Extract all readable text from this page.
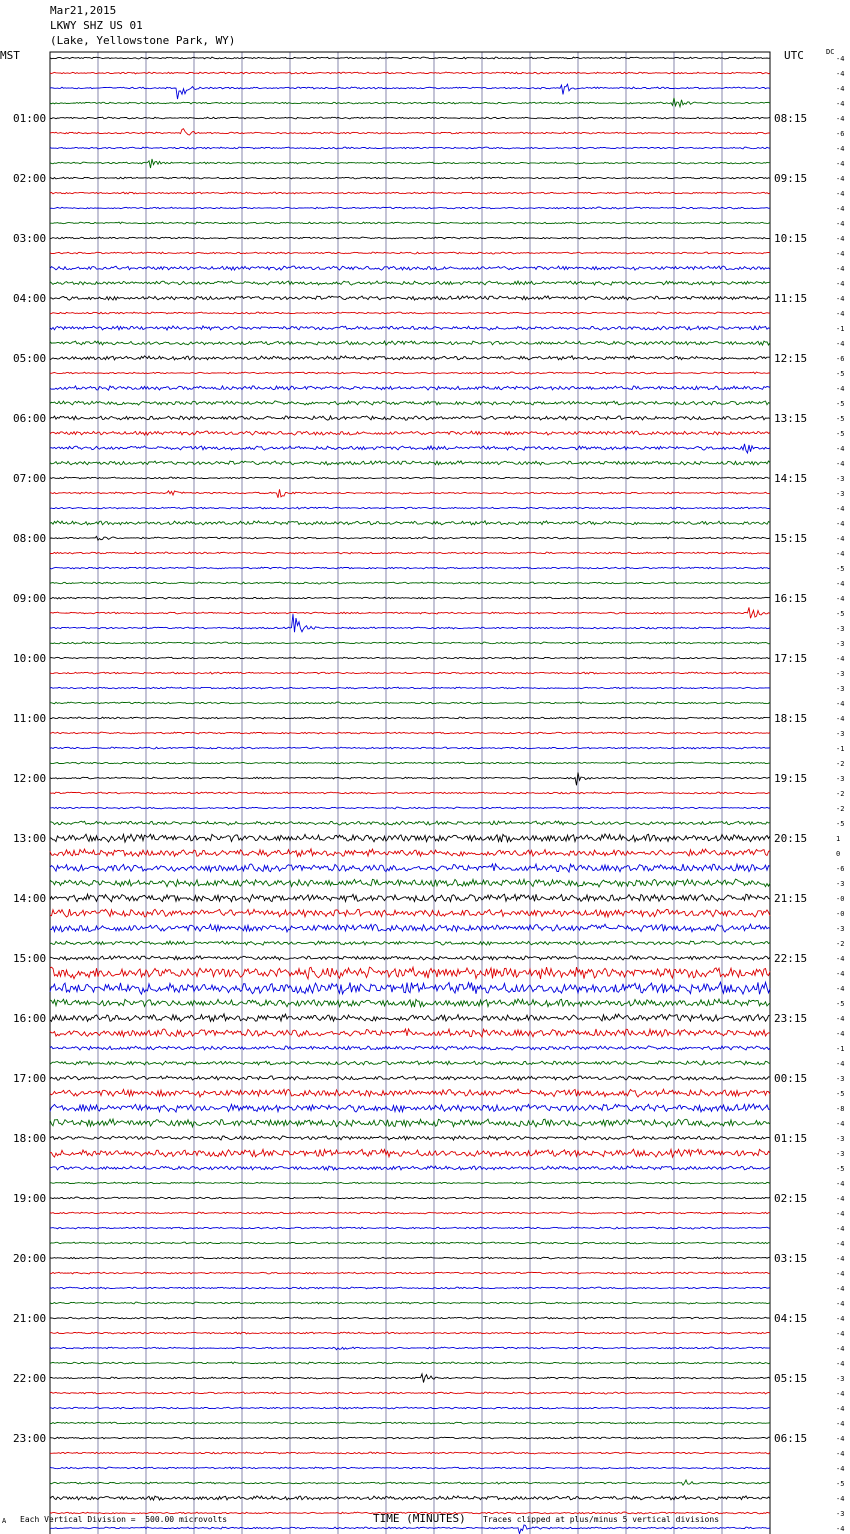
Mar21,2015
LKWY SHZ US 01
(Lake, Yellowstone Park, WY)
MST	UTC	DC
-4
-4
-4
-4
-4
-6
-4
-4
-4
-4
-4
-4
-4
-4
-4
-4
-4
-4
-1
-4
-6
-5
-4
-5
-5
-5
-4
-4
-3
-3
-4
-4
-4
-4
-5
-4
-4
-5
-3
-3
-4
-3
-3
-4
-4
-3
-1
-2
-3
-2
-2
-5
1
0
-6
-3
-0
-0
-3
-2
-4
-4
-4
-5
-4
-4
-1
-4
-3
-5
-8
-4
-3
-3
-5
-4
-4
-4
-4
-4
-4
-4
-4
-4
-4
-4
-4
-4
-3
-4
-4
-4
-4
-4
-4
-5
-4
-3
-4
01:00	08:15
02:00	09:15
03:00	10:15
04:00	11:15
05:00	12:15
06:00	13:15
07:00	14:15
08:00	15:15
09:00	16:15
10:00	17:15
11:00	18:15
12:00	19:15
13:00	20:15
14:00	21:15
15:00	22:15
16:00	23:15
17:00	00:15
18:00	01:15
19:00	02:15
20:00	03:15
21:00	04:15
22:00	05:15
23:00	06:15
A Each Vertical Division =  500.00 microvolts	TIME (MINUTES) Traces clipped at plus/minus 5 vertical divisions
